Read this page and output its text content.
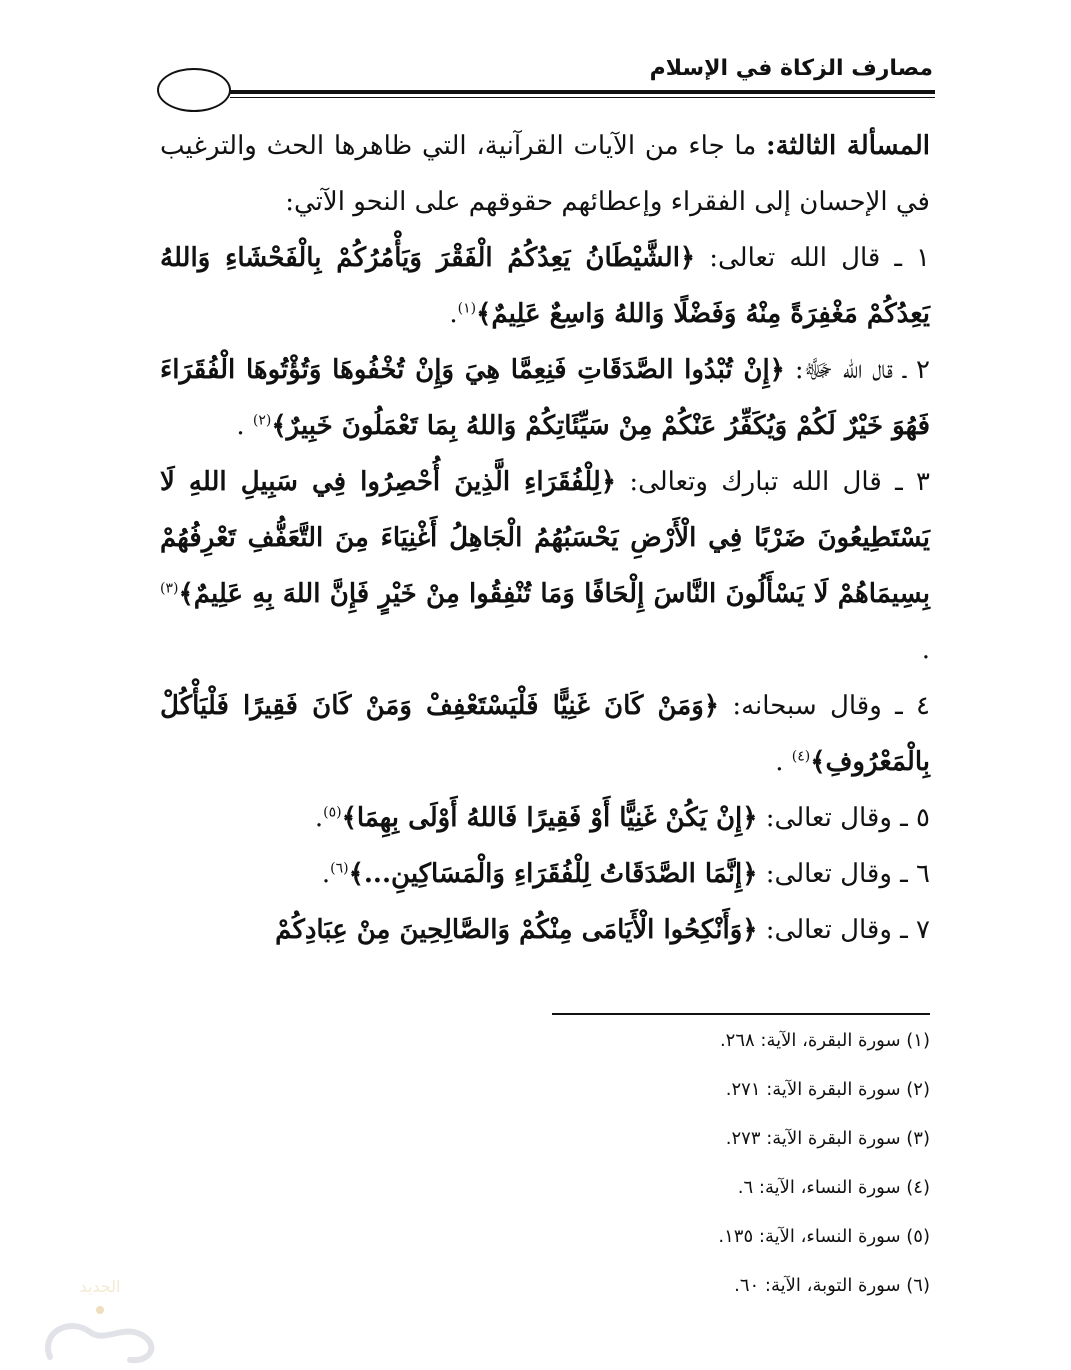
مصارف الزكاة في الإسلام

المسألة الثالثة: ما جاء من الآيات القرآنية، التي ظاهرها الحث والترغيب في الإحسان إلى الفقراء وإعطائهم حقوقهم على النحو الآتي:

١ ـ قال الله تعالى: ﴿الشَّيْطَانُ يَعِدُكُمُ الْفَقْرَ وَيَأْمُرُكُمْ بِالْفَحْشَاءِ وَاللهُ يَعِدُكُمْ مَغْفِرَةً مِنْهُ وَفَضْلًا وَاللهُ وَاسِعٌ عَلِيمٌ﴾$^{(١)}$.

٢ ـ قال الله ﷻ: ﴿إِنْ تُبْدُوا الصَّدَقَاتِ فَنِعِمَّا هِيَ وَإِنْ تُخْفُوهَا وَتُؤْتُوهَا الْفُقَرَاءَ فَهُوَ خَيْرٌ لَكُمْ وَيُكَفِّرُ عَنْكُمْ مِنْ سَيِّئَاتِكُمْ وَاللهُ بِمَا تَعْمَلُونَ خَبِيرٌ﴾$^{(٢)}$ .

٣ ـ قال الله تبارك وتعالى: ﴿لِلْفُقَرَاءِ الَّذِينَ أُحْصِرُوا فِي سَبِيلِ اللهِ لَا يَسْتَطِيعُونَ ضَرْبًا فِي الْأَرْضِ يَحْسَبُهُمُ الْجَاهِلُ أَغْنِيَاءَ مِنَ التَّعَفُّفِ تَعْرِفُهُمْ بِسِيمَاهُمْ لَا يَسْأَلُونَ النَّاسَ إِلْحَافًا وَمَا تُنْفِقُوا مِنْ خَيْرٍ فَإِنَّ اللهَ بِهِ عَلِيمٌ﴾$^{(٣)}$ .

٤ ـ وقال سبحانه: ﴿وَمَنْ كَانَ غَنِيًّا فَلْيَسْتَعْفِفْ وَمَنْ كَانَ فَقِيرًا فَلْيَأْكُلْ بِالْمَعْرُوفِ﴾$^{(٤)}$ .

٥ ـ وقال تعالى: ﴿إِنْ يَكُنْ غَنِيًّا أَوْ فَقِيرًا فَاللهُ أَوْلَى بِهِمَا﴾$^{(٥)}$.

٦ ـ وقال تعالى: ﴿إِنَّمَا الصَّدَقَاتُ لِلْفُقَرَاءِ وَالْمَسَاكِينِ...﴾$^{(٦)}$.

٧ ـ وقال تعالى: ﴿وَأَنْكِحُوا الْأَيَامَى مِنْكُمْ وَالصَّالِحِينَ مِنْ عِبَادِكُمْ

(١) سورة البقرة، الآية: ٢٦٨.

(٢) سورة البقرة الآية: ٢٧١.

(٣) سورة البقرة الآية: ٢٧٣.

(٤) سورة النساء، الآية: ٦.

(٥) سورة النساء، الآية: ١٣٥.

(٦) سورة التوبة، الآية: ٦٠.

الجديد
